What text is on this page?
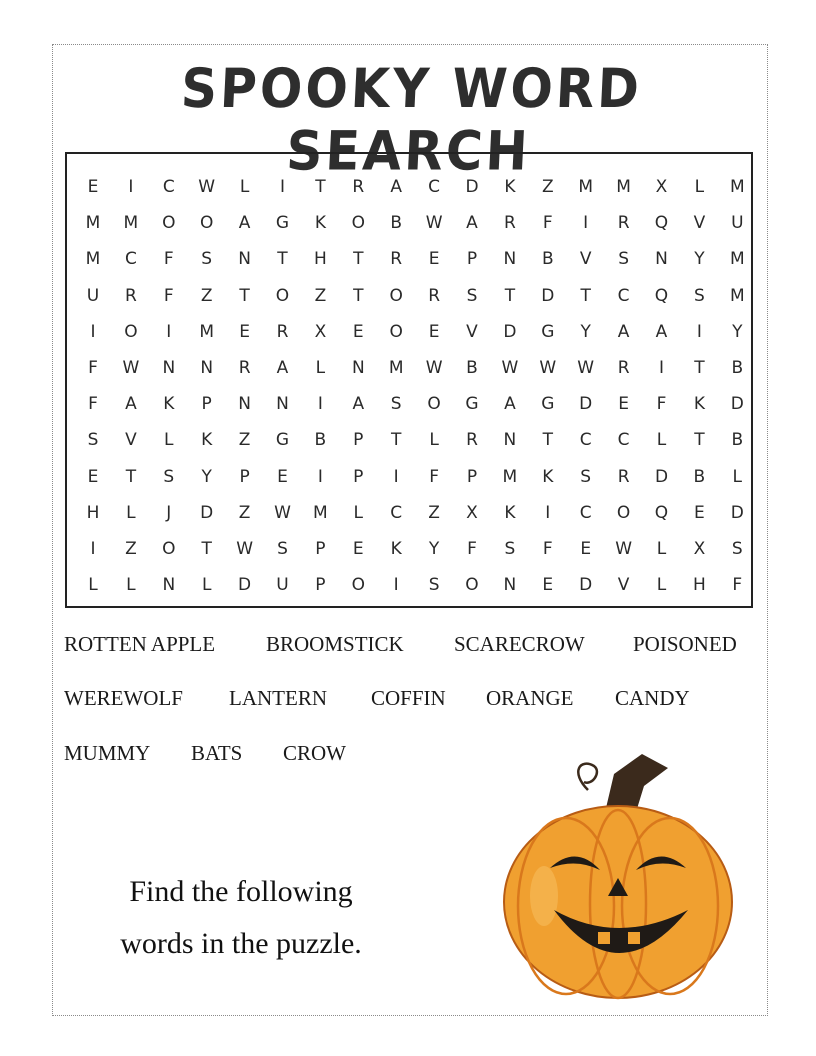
SPOOKY WORD SEARCH
E	I	C	W	L	I	T	R	A	C	D	K	Z	M	M	X	L	M
M	M	O	O	A	G	K	O	B	W	A	R	F	I	R	Q	V	U
M	C	F	S	N	T	H	T	R	E	P	N	B	V	S	N	Y	M
U	R	F	Z	T	O	Z	T	O	R	S	T	D	T	C	Q	S	M
I	O	I	M	E	R	X	E	O	E	V	D	G	Y	A	A	I	Y
F	W	N	N	R	A	L	N	M	W	B	W	W	W	R	I	T	B
F	A	K	P	N	N	I	A	S	O	G	A	G	D	E	F	K	D
S	V	L	K	Z	G	B	P	T	L	R	N	T	C	C	L	T	B
E	T	S	Y	P	E	I	P	I	F	P	M	K	S	R	D	B	L
H	L	J	D	Z	W	M	L	C	Z	X	K	I	C	O	Q	E	D
I	Z	O	T	W	S	P	E	K	Y	F	S	F	E	W	L	X	S
L	L	N	L	D	U	P	O	I	S	O	N	E	D	V	L	H	F
ROTTEN APPLE BROOMSTICK SCARECROW POISONED
WEREWOLF LANTERN COFFIN ORANGE CANDY
MUMMY BATS CROW
Find the following
words in the puzzle.
